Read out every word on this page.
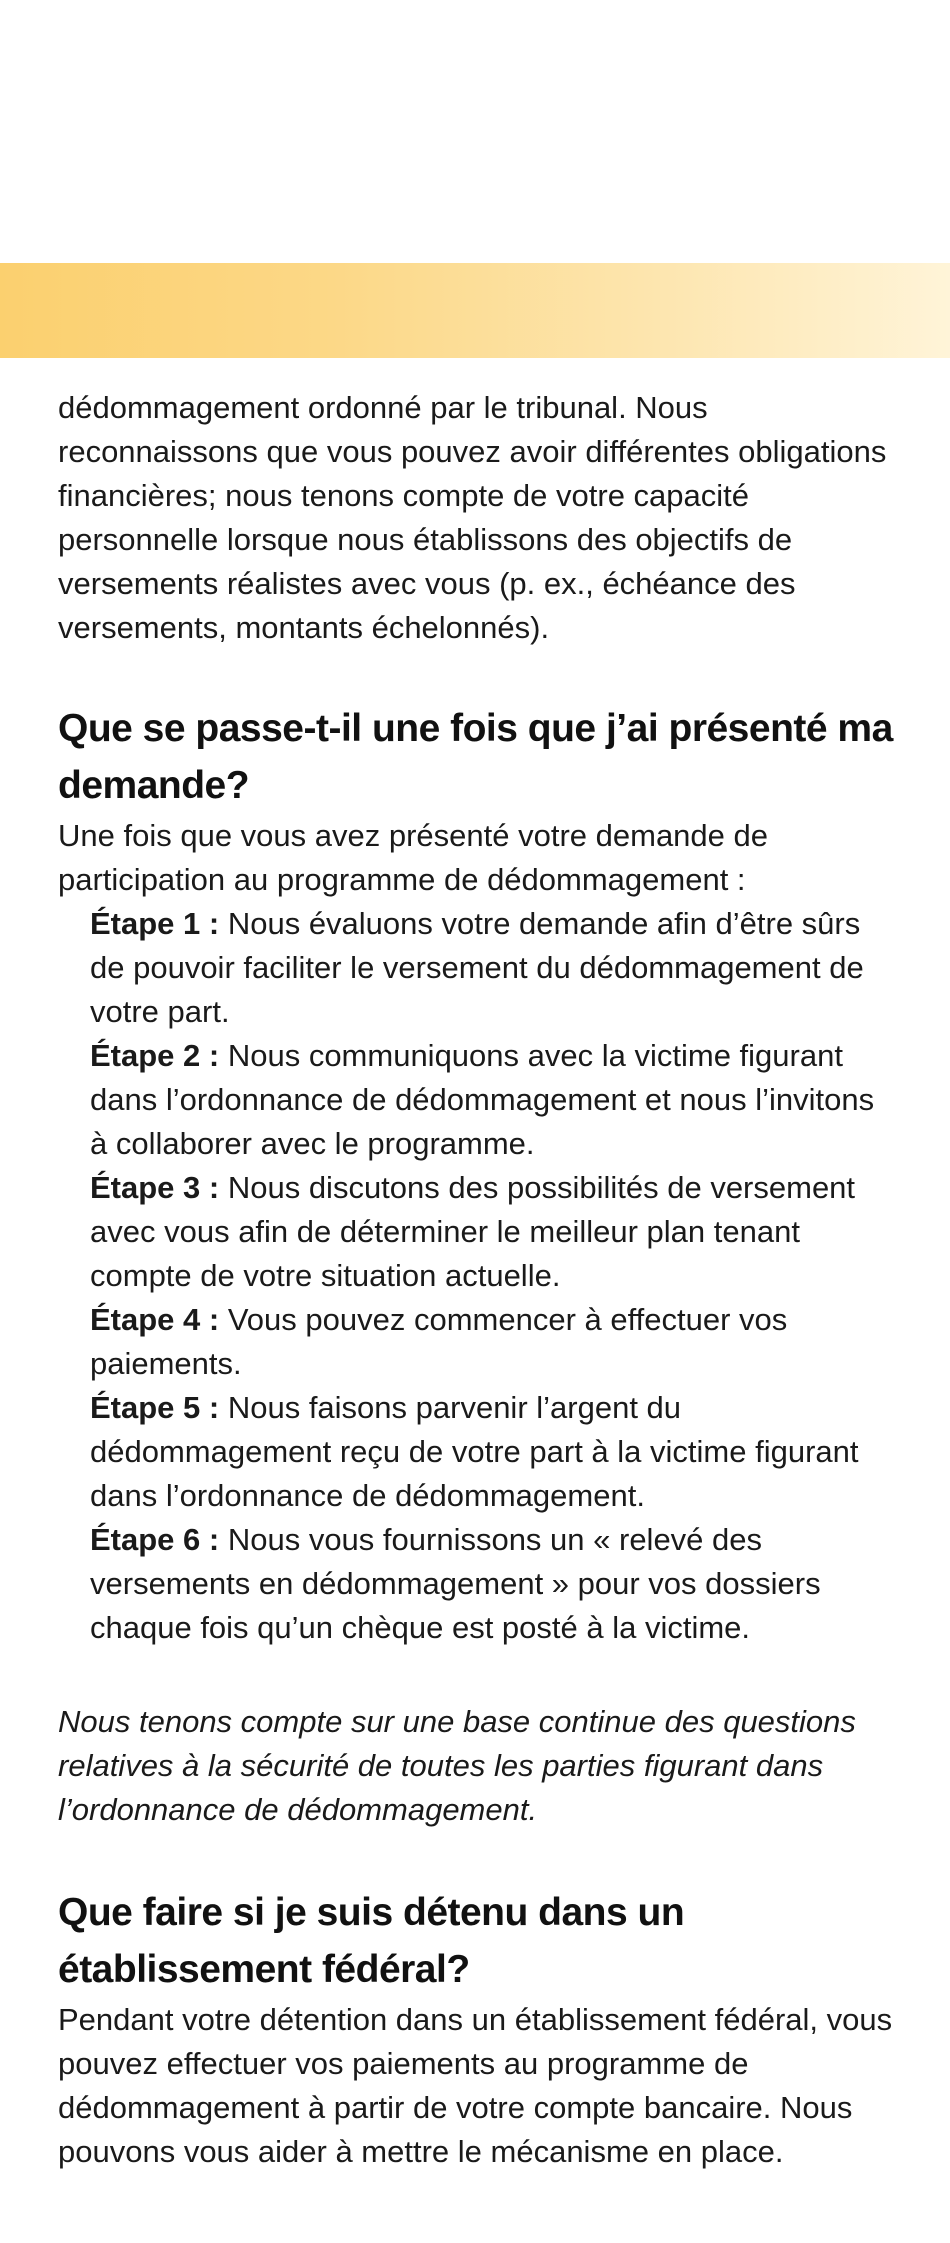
dédommagement ordonné par le tribunal. Nous reconnaissons que vous pouvez avoir différentes obligations financières; nous tenons compte de votre capacité personnelle lorsque nous établissons des objectifs de versements réalistes avec vous (p. ex., échéance des versements, montants échelonnés).

Que se passe-t-il une fois que j’ai présenté ma demande?

Une fois que vous avez présenté votre demande de participation au programme de dédommagement :

Étape 1 : Nous évaluons votre demande afin d’être sûrs de pouvoir faciliter le versement du dédommagement de votre part.
Étape 2 : Nous communiquons avec la victime figurant dans l’ordonnance de dédommagement et nous l’invitons à collaborer avec le programme.
Étape 3 : Nous discutons des possibilités de versement avec vous afin de déterminer le meilleur plan tenant compte de votre situation actuelle.
Étape 4 : Vous pouvez commencer à effectuer vos paiements.
Étape 5 : Nous faisons parvenir l’argent du dédommagement reçu de votre part à la victime figurant dans l’ordonnance de dédommagement.
Étape 6 : Nous vous fournissons un « relevé des versements en dédommagement » pour vos dossiers chaque fois qu’un chèque est posté à la victime.

Nous tenons compte sur une base continue des questions relatives à la sécurité de toutes les parties figurant dans l’ordonnance de dédommagement.

Que faire si je suis détenu dans un établissement fédéral?

Pendant votre détention dans un établissement fédéral, vous pouvez effectuer vos paiements au programme de dédommagement à partir de votre compte bancaire. Nous pouvons vous aider à mettre le mécanisme en place.
